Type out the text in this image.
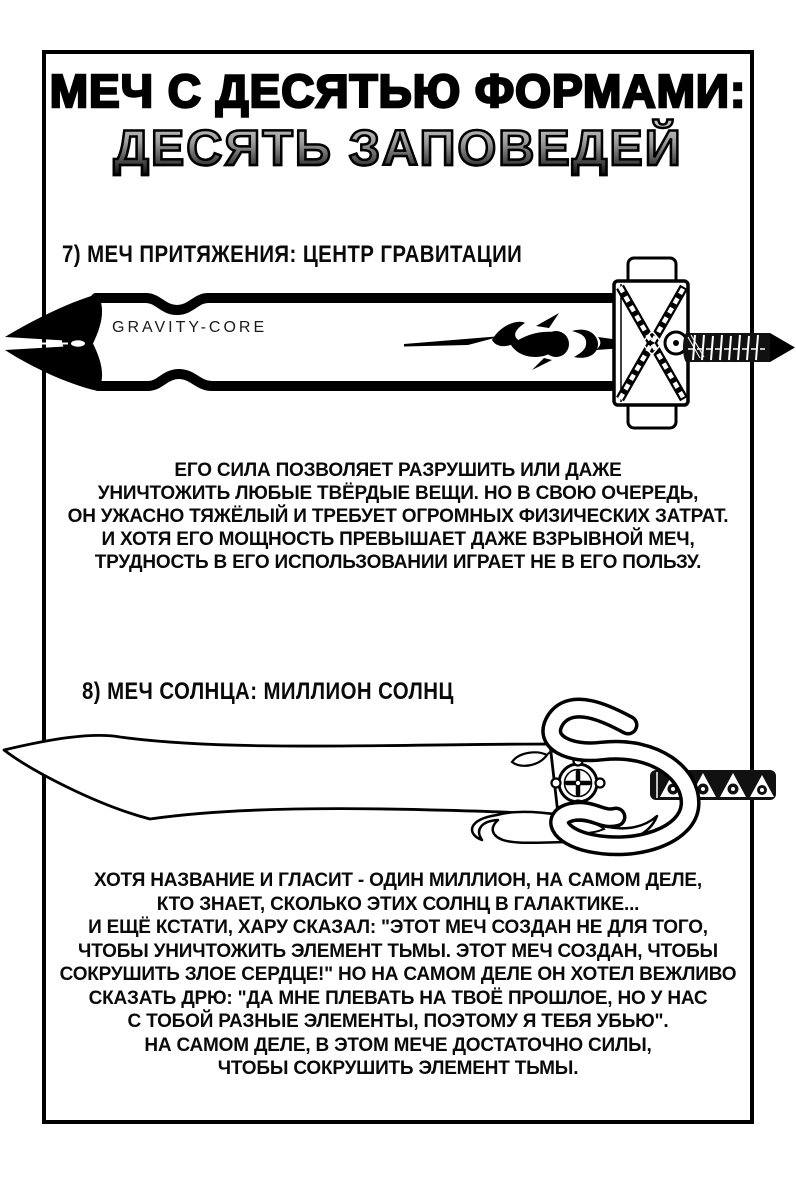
МЕЧ С ДЕСЯТЬЮ ФОРМАМИ:
ДЕСЯТЬ ЗАПОВЕДЕЙ
7) МЕЧ ПРИТЯЖЕНИЯ: ЦЕНТР ГРАВИТАЦИИ
GRAVITY-CORE
ЕГО СИЛА ПОЗВОЛЯЕТ РАЗРУШИТЬ ИЛИ ДАЖЕ
УНИЧТОЖИТЬ ЛЮБЫЕ ТВЁРДЫЕ ВЕЩИ. НО В СВОЮ ОЧЕРЕДЬ,
ОН УЖАСНО ТЯЖЁЛЫЙ И ТРЕБУЕТ ОГРОМНЫХ ФИЗИЧЕСКИХ ЗАТРАТ.
И ХОТЯ ЕГО МОЩНОСТЬ ПРЕВЫШАЕТ ДАЖЕ ВЗРЫВНОЙ МЕЧ,
ТРУДНОСТЬ В ЕГО ИСПОЛЬЗОВАНИИ ИГРАЕТ НЕ В ЕГО ПОЛЬЗУ.
8) МЕЧ СОЛНЦА: МИЛЛИОН СОЛНЦ
ХОТЯ НАЗВАНИЕ И ГЛАСИТ - ОДИН МИЛЛИОН, НА САМОМ ДЕЛЕ,
КТО ЗНАЕТ, СКОЛЬКО ЭТИХ СОЛНЦ В ГАЛАКТИКЕ...
И ЕЩЁ КСТАТИ, ХАРУ СКАЗАЛ: "ЭТОТ МЕЧ СОЗДАН НЕ ДЛЯ ТОГО,
ЧТОБЫ УНИЧТОЖИТЬ ЭЛЕМЕНТ ТЬМЫ. ЭТОТ МЕЧ СОЗДАН, ЧТОБЫ
СОКРУШИТЬ ЗЛОЕ СЕРДЦЕ!" НО НА САМОМ ДЕЛЕ ОН ХОТЕЛ ВЕЖЛИВО
СКАЗАТЬ ДРЮ: "ДА МНЕ ПЛЕВАТЬ НА ТВОЁ ПРОШЛОЕ, НО У НАС
С ТОБОЙ РАЗНЫЕ ЭЛЕМЕНТЫ, ПОЭТОМУ Я ТЕБЯ УБЬЮ".
НА САМОМ ДЕЛЕ, В ЭТОМ МЕЧЕ ДОСТАТОЧНО СИЛЫ,
ЧТОБЫ СОКРУШИТЬ ЭЛЕМЕНТ ТЬМЫ.
